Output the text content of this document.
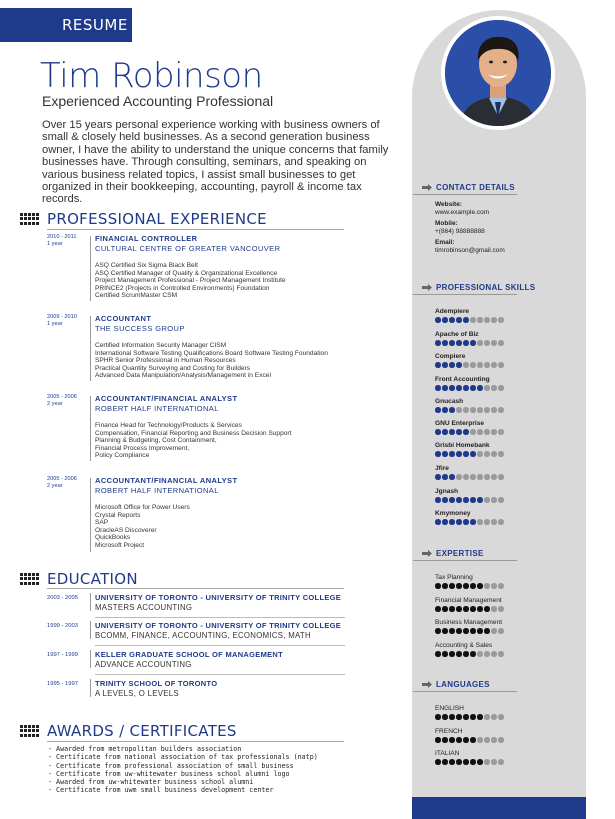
RESUME
Tim Robinson
Experienced Accounting Professional
Over 15 years personal experience working with business owners of small & closely held businesses. As a second generation business owner, I have the ability to understand the unique concerns that family businesses have. Through consulting, seminars, and speaking on various business related topics, I assist small businesses to get organized in their bookkeeping, accounting, payroll & income tax records.
PROFESSIONAL EXPERIENCE
2010 - 2011
1 year
FINANCIAL CONTROLLER
CULTURAL CENTRE OF GREATER VANCOUVER
ASQ Certified Six Sigma Black Belt
ASQ Certified Manager of Quality & Organizational Excellence
Project Management Professional - Project Management Institute
PRINCE2 (Projects in Controlled Environments) Foundation
Certified ScrumMaster CSM
2009 - 2010
1 year
ACCOUNTANT
THE SUCCESS GROUP
Certified Information Security Manager CISM
International Software Testing Qualifications Board Software Testing Foundation
SPHR Senior Professional in Human Resources
Practical Quantity Surveying and Costing for Builders
Advanced Data Manipulation/Analysis/Management in Excel
2005 - 2006
2 year
ACCOUNTANT/FINANCIAL ANALYST
ROBERT HALF INTERNATIONAL
Finance Head for Technology/Products & Services
Compensation, Financial Reporting and Business Decision Support
Planning & Budgeting, Cost Containment,
Financial Process Improvement,
Policy Compliance
2005 - 2006
2 year
ACCOUNTANT/FINANCIAL ANALYST
ROBERT HALF INTERNATIONAL
Microsoft Office for Power Users
Crystal Reports
SAP
OracleAS Discoverer
QuickBooks
Microsoft Project
EDUCATION
2003 - 2005 UNIVERSITY OF TORONTO - UNIVERSITY OF TRINITY COLLEGE
MASTERS ACCOUNTING
1999 - 2003 UNIVERSITY OF TORONTO - UNIVERSITY OF TRINITY COLLEGE
BCOMM, FINANCE, ACCOUNTING, ECONOMICS, MATH
1997 - 1999 KELLER GRADUATE SCHOOL OF MANAGEMENT
ADVANCE ACCOUNTING
1995 - 1997 TRINITY SCHOOL OF TORONTO
A LEVELS, O LEVELS
AWARDS / CERTIFICATES
- Awarded from metropolitan builders association
- Certificate from national association of tax professionals (natp)
- Certificate from professional association of small business
- Certificate from uw-whitewater business school alumni logo
- Awarded from uw-whitewater business school alumni
- Certificate from uwm small business development center
CONTACT DETAILS
Website:
www.example.com
Mobile:
+(864) 98888888
Email:
timrobinson@gmail.com
PROFESSIONAL SKILLS
Adempiere
Apache of Biz
Compiere
Front Accounting
Gnucash
GNU Enterprise
Grisbi Homebank
Jfire
Jgnash
Kmymoney
EXPERTISE
Tax Planning
Financial Management
Business Management
Accounting & Sales
LANGUAGES
ENGLISH
FRENCH
ITALIAN
